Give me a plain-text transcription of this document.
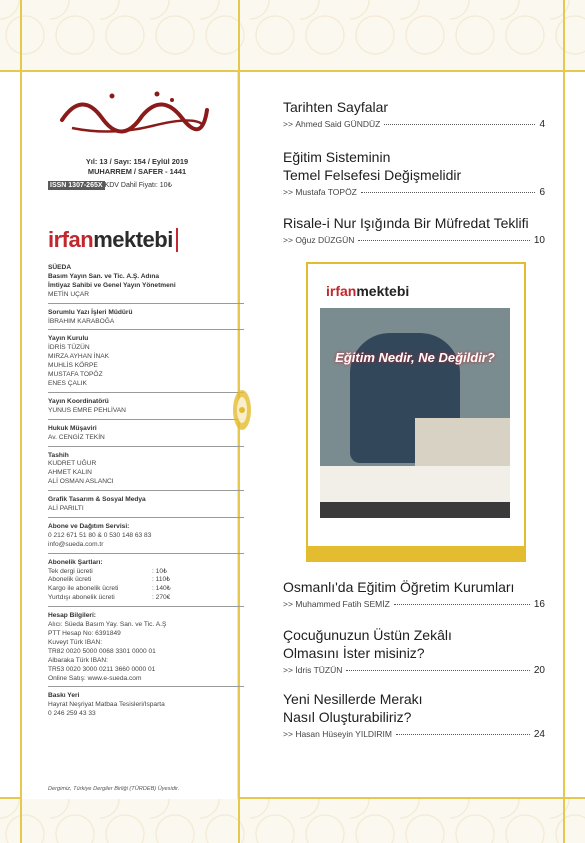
Yıl: 13 / Sayı: 154 / Eylül 2019
MUHARREM / SAFER - 1441
ISSN 1307-265X KDV Dahil Fiyatı: 10₺
irfanmektebi
SÜEDA
Basım Yayın San. ve Tic. A.Ş. Adına
İmtiyaz Sahibi ve Genel Yayın Yönetmeni
METİN UÇAR
Sorumlu Yazı İşleri Müdürü
İBRAHIM KARABOĞA
Yayın Kurulu
İDRİS TÜZÜN
MIRZA AYHAN İNAK
MUHLİS KÖRPE
MUSTAFA TOPÖZ
ENES ÇALIK
Yayın Koordinatörü
YUNUS EMRE PEHLİVAN
Hukuk Müşaviri
Av. CENGİZ TEKİN
Tashih
KUDRET UĞUR
AHMET KALIN
ALİ OSMAN ASLANCI
Grafik Tasarım & Sosyal Medya
ALİ PARILTI
Abone ve Dağıtım Servisi:
0 212 671 51 80 & 0 530 148 63 83
info@sueda.com.tr
Abonelik Şartları:
Tek dergi ücreti	: 10₺
Abonelik ücreti	: 110₺
Kargo ile abonelik ücreti	: 140₺
Yurtdışı abonelik ücreti	: 270€
Hesap Bilgileri:
Alıcı: Süeda Basım Yay. San. ve Tic. A.Ş
PTT Hesap No: 6391849
Kuveyt Türk IBAN:
TR82 0020 5000 0068 3301 0000 01
Albaraka Türk IBAN:
TR53 0020 3000 0211 3660 0000 01
Online Satış: www.e-sueda.com
Baskı Yeri
Hayrat Neşriyat Matbaa Tesisleri/Isparta
0 246 259 43 33
Dergimiz, Türkiye Dergiler Birliği (TÜRDEB) Üyesidir.
Tarihten Sayfalar
>>
Ahmed Said GÜNDÜZ	4
Eğitim Sisteminin
Temel Felsefesi Değişmelidir
>>
Mustafa TOPÖZ	6
Risale-i Nur Işığında Bir Müfredat Teklifi
>>
Oğuz DÜZGÜN	10
irfanmektebi
Eğitim Nedir, Ne Değildir?
Osmanlı'da Eğitim Öğretim Kurumları
>>
Muhammed Fatih SEMİZ	16
Çocuğunuzun Üstün Zekâlı
Olmasını İster misiniz?
>>
İdris TÜZÜN	20
Yeni Nesillerde Merakı
Nasıl Oluşturabiliriz?
>>
Hasan Hüseyin YILDIRIM	24
